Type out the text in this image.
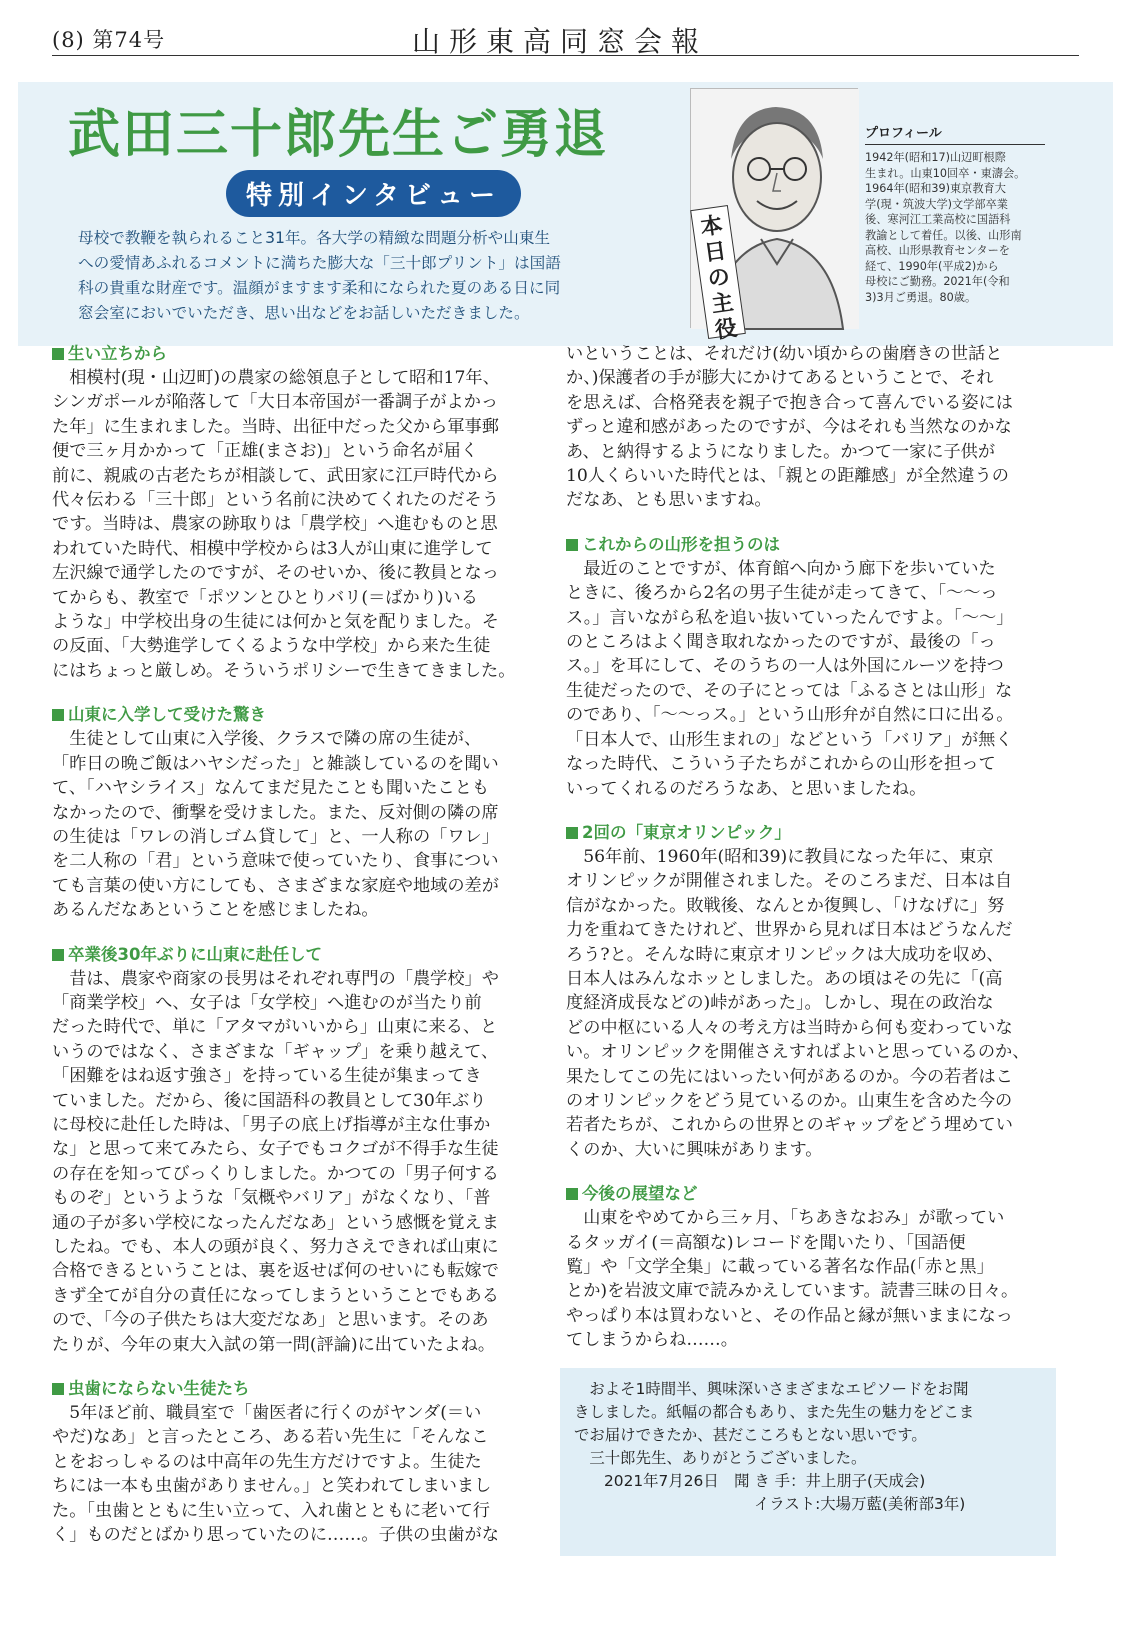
(8) 第74号	山形東高同窓会報
武田三十郎先生ご勇退
特別インタビュー
母校で教鞭を執られること31年。各大学の精緻な問題分析や山東生
への愛情あふれるコメントに満ちた膨大な「三十郎プリント」は国語
科の貴重な財産です。温顔がますます柔和になられた夏のある日に同
窓会室においでいただき、思い出などをお話しいただきました。
本日の主役
プロフィール
1942年(昭和17)山辺町根際
生まれ。山東10回卒・東濤会。
1964年(昭和39)東京教育大
学(現・筑波大学)文学部卒業
後、寒河江工業高校に国語科
教諭として着任。以後、山形南
高校、山形県教育センターを
経て、1990年(平成2)から
母校にご勤務。2021年(令和
3)3月ご勇退。80歳。
生い立ちから
　相模村(現・山辺町)の農家の総領息子として昭和17年、
シンガポールが陥落して「大日本帝国が一番調子がよかっ
た年」に生まれました。当時、出征中だった父から軍事郵
便で三ヶ月かかって「正雄(まさお)」という命名が届く
前に、親戚の古老たちが相談して、武田家に江戸時代から
代々伝わる「三十郎」という名前に決めてくれたのだそう
です。当時は、農家の跡取りは「農学校」へ進むものと思
われていた時代、相模中学校からは3人が山東に進学して
左沢線で通学したのですが、そのせいか、後に教員となっ
てからも、教室で「ポツンとひとりバリ(＝ばかり)いる
ような」中学校出身の生徒には何かと気を配りました。そ
の反面、「大勢進学してくるような中学校」から来た生徒
にはちょっと厳しめ。そういうポリシーで生きてきました。
山東に入学して受けた驚き
　生徒として山東に入学後、クラスで隣の席の生徒が、
「昨日の晩ご飯はハヤシだった」と雑談しているのを聞い
て、「ハヤシライス」なんてまだ見たことも聞いたことも
なかったので、衝撃を受けました。また、反対側の隣の席
の生徒は「ワレの消しゴム貸して」と、一人称の「ワレ」
を二人称の「君」という意味で使っていたり、食事につい
ても言葉の使い方にしても、さまざまな家庭や地域の差が
あるんだなあということを感じましたね。
卒業後30年ぶりに山東に赴任して
　昔は、農家や商家の長男はそれぞれ専門の「農学校」や
「商業学校」へ、女子は「女学校」へ進むのが当たり前
だった時代で、単に「アタマがいいから」山東に来る、と
いうのではなく、さまざまな「ギャップ」を乗り越えて、
「困難をはね返す強さ」を持っている生徒が集まってき
ていました。だから、後に国語科の教員として30年ぶり
に母校に赴任した時は、「男子の底上げ指導が主な仕事か
な」と思って来てみたら、女子でもコクゴが不得手な生徒
の存在を知ってびっくりしました。かつての「男子何する
ものぞ」というような「気概やバリア」がなくなり、「普
通の子が多い学校になったんだなあ」という感慨を覚えま
したね。でも、本人の頭が良く、努力さえできれば山東に
合格できるということは、裏を返せば何のせいにも転嫁で
きず全てが自分の責任になってしまうということでもある
ので、「今の子供たちは大変だなあ」と思います。そのあ
たりが、今年の東大入試の第一問(評論)に出ていたよね。
虫歯にならない生徒たち
　5年ほど前、職員室で「歯医者に行くのがヤンダ(＝い
やだ)なあ」と言ったところ、ある若い先生に「そんなこ
とをおっしゃるのは中高年の先生方だけですよ。生徒た
ちには一本も虫歯がありません。」と笑われてしまいまし
た。「虫歯とともに生い立って、入れ歯とともに老いて行
く」ものだとばかり思っていたのに……。子供の虫歯がな
いということは、それだけ(幼い頃からの歯磨きの世話と
か、)保護者の手が膨大にかけてあるということで、それ
を思えば、合格発表を親子で抱き合って喜んでいる姿には
ずっと違和感があったのですが、今はそれも当然なのかな
あ、と納得するようになりました。かつて一家に子供が
10人くらいいた時代とは、「親との距離感」が全然違うの
だなあ、とも思いますね。
これからの山形を担うのは
　最近のことですが、体育館へ向かう廊下を歩いていた
ときに、後ろから2名の男子生徒が走ってきて、「～～っ
ス。」言いながら私を追い抜いていったんですよ。「～～」
のところはよく聞き取れなかったのですが、最後の「っ
ス。」を耳にして、そのうちの一人は外国にルーツを持つ
生徒だったので、その子にとっては「ふるさとは山形」な
のであり、「～～っス。」という山形弁が自然に口に出る。
「日本人で、山形生まれの」などという「バリア」が無く
なった時代、こういう子たちがこれからの山形を担って
いってくれるのだろうなあ、と思いましたね。
2回の「東京オリンピック」
　56年前、1960年(昭和39)に教員になった年に、東京
オリンピックが開催されました。そのころまだ、日本は自
信がなかった。敗戦後、なんとか復興し、「けなげに」努
力を重ねてきたけれど、世界から見れば日本はどうなんだ
ろう?と。そんな時に東京オリンピックは大成功を収め、
日本人はみんなホッとしました。あの頃はその先に「(高
度経済成長などの)峠があった」。しかし、現在の政治な
どの中枢にいる人々の考え方は当時から何も変わっていな
い。オリンピックを開催さえすればよいと思っているのか、
果たしてこの先にはいったい何があるのか。今の若者はこ
のオリンピックをどう見ているのか。山東生を含めた今の
若者たちが、これからの世界とのギャップをどう埋めてい
くのか、大いに興味があります。
今後の展望など
　山東をやめてから三ヶ月、「ちあきなおみ」が歌ってい
るタッガイ(＝高額な)レコードを聞いたり、「国語便
覧」や「文学全集」に載っている著名な作品(「赤と黒」
とか)を岩波文庫で読みかえしています。読書三昧の日々。
やっぱり本は買わないと、その作品と縁が無いままになっ
てしまうからね……。
　およそ1時間半、興味深いさまざまなエピソードをお聞
きしました。紙幅の都合もあり、また先生の魅力をどこま
でお届けできたか、甚だこころもとない思いです。
　三十郎先生、ありがとうございました。
2021年7月26日　聞 き 手：井上朋子(天成会)
イラスト:大場万藍(美術部3年)
